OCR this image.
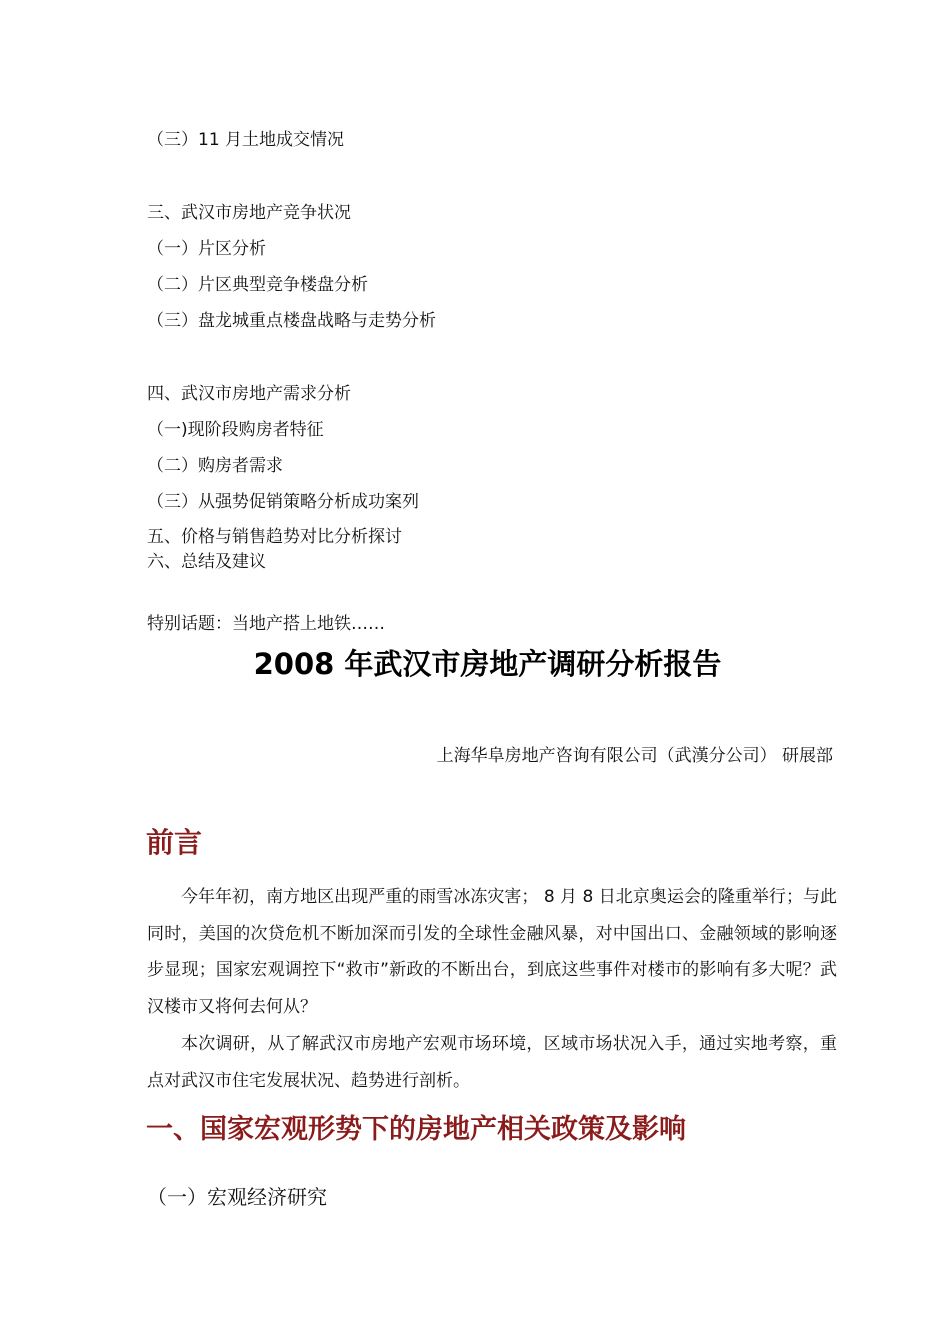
（三）11 月土地成交情况
三、武汉市房地产竞争状况
（一）片区分析
（二）片区典型竞争楼盘分析
（三）盘龙城重点楼盘战略与走势分析
四、武汉市房地产需求分析
（一)现阶段购房者特征
（二）购房者需求
（三）从强势促销策略分析成功案列
五、价格与销售趋势对比分析探讨
六、总结及建议
特别话题：当地产搭上地铁……
2008 年武汉市房地产调研分析报告
上海华阜房地产咨询有限公司（武漢分公司） 研展部
前言
今年年初，南方地区出现严重的雨雪冰冻灾害； 8 月 8 日北京奥运会的隆重举行；与此同时，美国的次贷危机不断加深而引发的全球性金融风暴，对中国出口、金融领域的影响逐步显现；国家宏观调控下“救市”新政的不断出台，到底这些事件对楼市的影响有多大呢？武汉楼市又将何去何从？
本次调研，从了解武汉市房地产宏观市场环境，区域市场状况入手，通过实地考察，重点对武汉市住宅发展状况、趋势进行剖析。
一、国家宏观形势下的房地产相关政策及影响
（一）宏观经济研究
